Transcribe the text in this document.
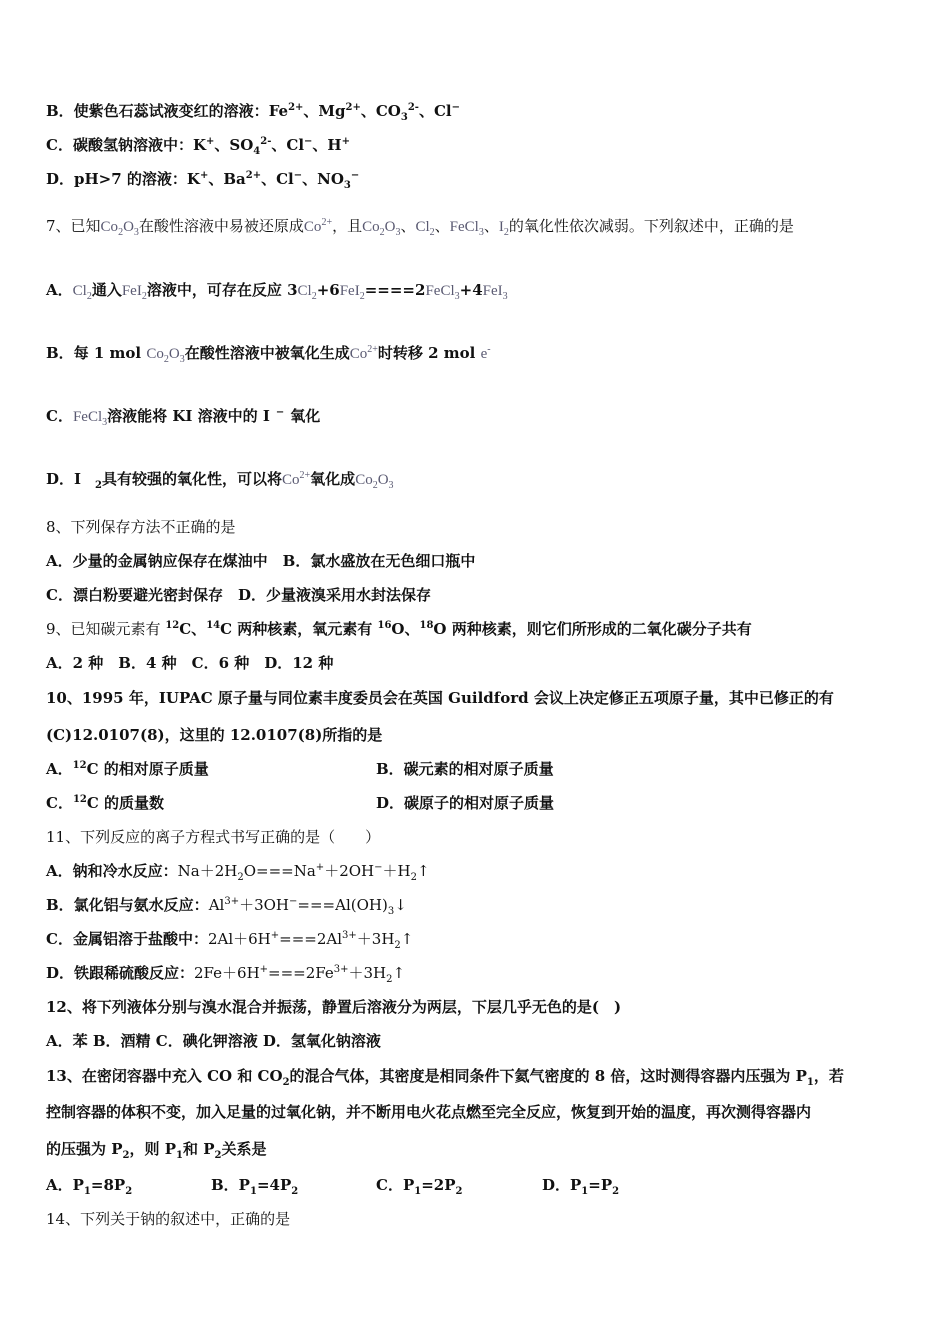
B．使紫色石蕊试液变红的溶液：$Fe^{2+}$、$Mg^{2+}$、$CO_3^{2-}$、Cl−
C．碳酸氢钠溶液中：K+、$SO_4^{2-}$、Cl−、H+
D．pH>7 的溶液：K+、$Ba^{2+}$、Cl−、$NO_3^-$
7、已知$Co_2O_3$在酸性溶液中易被还原成$Co^{2+}$，且$Co_2O_3$、$Cl_2$、FeCl$_3$、$I_2$的氧化性依次减弱。下列叙述中，正确的是
A．$Cl_2$通入FeI$_2$溶液中，可存在反应 $3Cl_2+6FeI_2====2FeCl_3+4FeI_3$
B．每 1 mol $Co_2O_3$在酸性溶液中被氧化生成$Co^{2+}$时转移 2 mol e-
C．FeCl$_3$溶液能将 KI 溶液中的 I − 氧化
D．I $_2$具有较强的氧化性，可以将$Co^{2+}$氧化成$Co_2O_3$
8、下列保存方法不正确的是
A．少量的金属钠应保存在煤油中　B．氯水盛放在无色细口瓶中
C．漂白粉要避光密封保存　D．少量液溴采用水封法保存
9、已知碳元素有 $^{12}$C、$^{14}$C 两种核素，氧元素有 $^{16}$O、$^{18}$O 两种核素，则它们所形成的二氧化碳分子共有
A．2 种　B．4 种　C．6 种　D．12 种
10、1995 年，IUPAC 原子量与同位素丰度委员会在英国 Guildford 会议上决定修正五项原子量，其中已修正的有
(C)12.0107(8)，这里的 12.0107(8)所指的是
A．$^{12}$C 的相对原子质量	B．碳元素的相对原子质量
C．$^{12}$C 的质量数	D．碳原子的相对原子质量
11、下列反应的离子方程式书写正确的是（　　）
A．钠和冷水反应：$Na+2H_2O===Na^++2OH^-+H_2↑$
B．氯化铝与氨水反应：$Al^{3+}+3OH^-===Al(OH)_3↓$
C．金属铝溶于盐酸中：$2Al+6H^+===2Al^{3+}+3H_2↑$
D．铁跟稀硫酸反应：$2Fe+6H^+===2Fe^{3+}+3H_2↑$
12、将下列液体分别与溴水混合并振荡，静置后溶液分为两层，下层几乎无色的是(　)
A．苯 B．酒精 C．碘化钾溶液 D．氢氧化钠溶液
13、在密闭容器中充入 CO 和 $CO_2$的混合气体，其密度是相同条件下氦气密度的 8 倍，这时测得容器内压强为 $P_1$，若
控制容器的体积不变，加入足量的过氧化钠，并不断用电火花点燃至完全反应，恢复到开始的温度，再次测得容器内
的压强为 $P_2$，则 $P_1$和 $P_2$关系是
A．$P_1=8P_2$	B．$P_1=4P_2$	C．$P_1=2P_2$	D．$P_1=P_2$
14、下列关于钠的叙述中，正确的是
